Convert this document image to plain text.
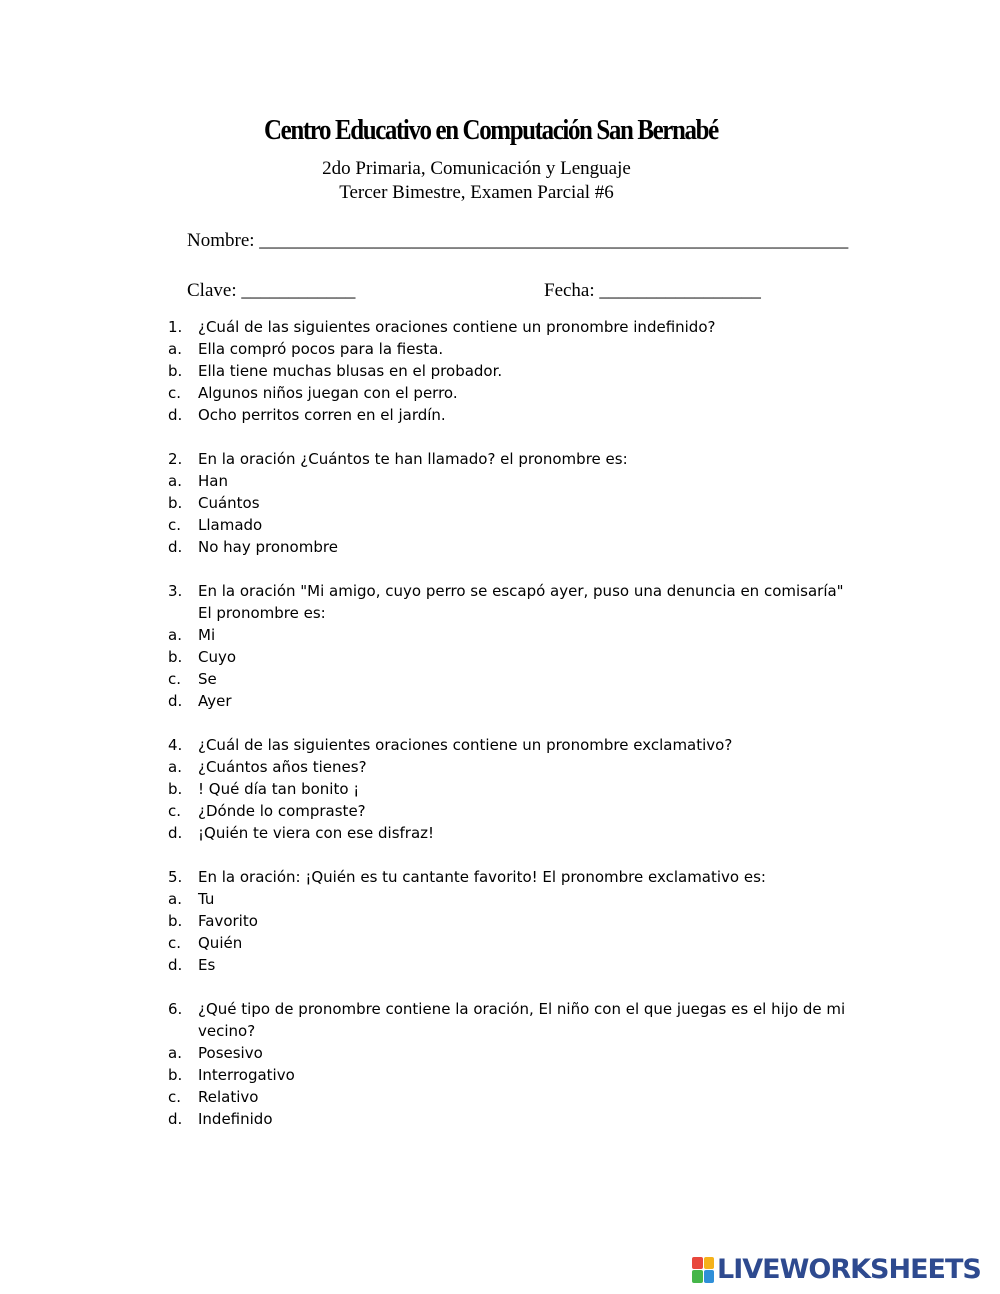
Centro Educativo en Computación San Bernabé
2do Primaria, Comunicación y Lenguaje
Tercer Bimestre, Examen Parcial #6
Nombre: ______________________________________________________________
Clave: ____________	Fecha: _________________
1.	¿Cuál de las siguientes oraciones contiene un pronombre indefinido?
a.	Ella compró pocos para la fiesta.
b.	Ella tiene muchas blusas en el probador.
c.	Algunos niños juegan con el perro.
d.	Ocho perritos corren en el jardín.
2.	En la oración ¿Cuántos te han llamado? el pronombre es:
a.	Han
b.	Cuántos
c.	Llamado
d.	No hay pronombre
3.	En la oración "Mi amigo, cuyo perro se escapó ayer, puso una denuncia en comisaría" El pronombre es:
a.	Mi
b.	Cuyo
c.	Se
d.	Ayer
4.	¿Cuál de las siguientes oraciones contiene un pronombre exclamativo?
a.	¿Cuántos años tienes?
b.	! Qué día tan bonito ¡
c.	¿Dónde lo compraste?
d.	¡Quién te viera con ese disfraz!
5.	En la oración: ¡Quién es tu cantante favorito! El pronombre exclamativo es:
a.	Tu
b.	Favorito
c.	Quién
d.	Es
6.	¿Qué tipo de pronombre contiene la oración, El niño con el que juegas es el hijo de mi vecino?
a.	Posesivo
b.	Interrogativo
c.	Relativo
d.	Indefinido
LIVEWORKSHEETS
